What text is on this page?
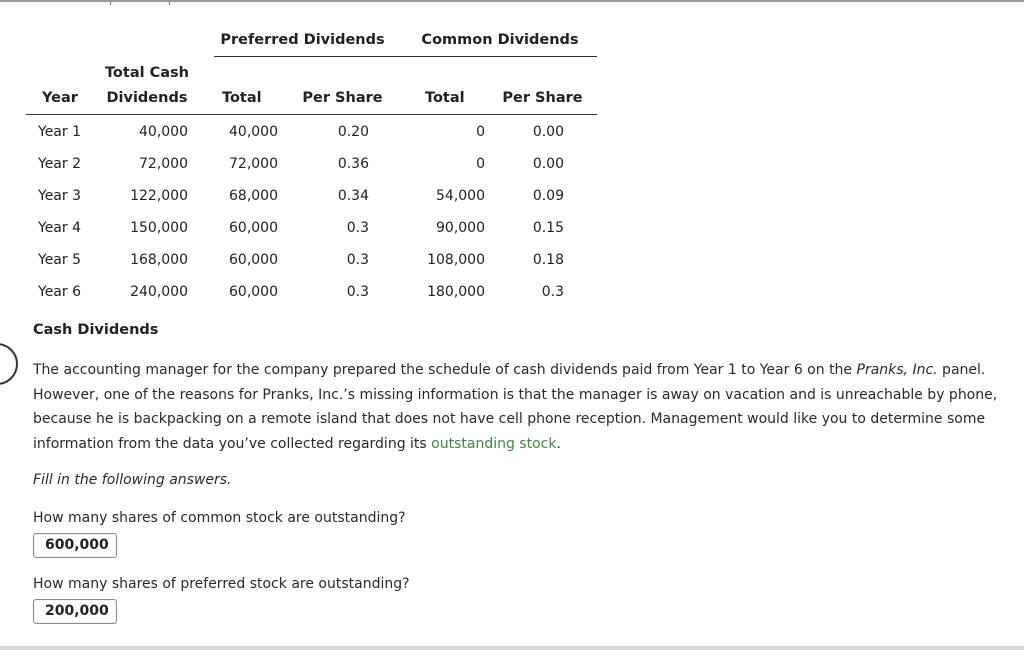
Preferred Dividends	Common Dividends
Total Cash
Year	Dividends	Total	Per Share	Total	Per Share
Year 1	40,000	40,000	0.20	0	0.00
Year 2	72,000	72,000	0.36	0	0.00
Year 3	122,000	68,000	0.34	54,000	0.09
Year 4	150,000	60,000	0.3	90,000	0.15
Year 5	168,000	60,000	0.3	108,000	0.18
Year 6	240,000	60,000	0.3	180,000	0.3
Cash Dividends
The accounting manager for the company prepared the schedule of cash dividends paid from Year 1 to Year 6 on the Pranks, Inc. panel. However, one of the reasons for Pranks, Inc.’s missing information is that the manager is away on vacation and is unreachable by phone, because he is backpacking on a remote island that does not have cell phone reception. Management would like you to determine some information from the data you’ve collected regarding its outstanding stock.
Fill in the following answers.
How many shares of common stock are outstanding?
600,000
How many shares of preferred stock are outstanding?
200,000
